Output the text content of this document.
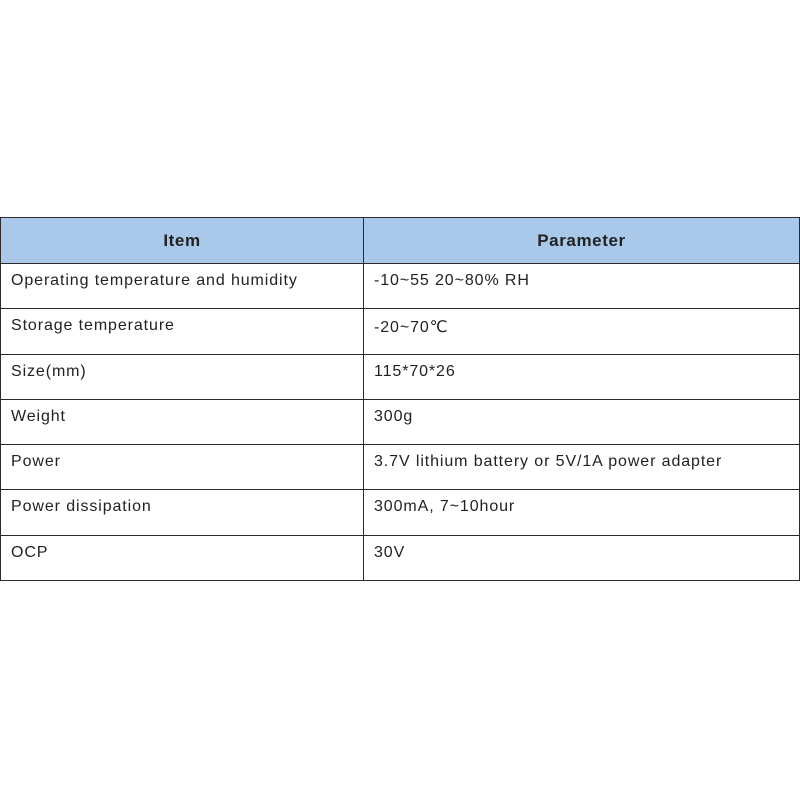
Item	Parameter
Operating temperature and humidity	-10~55 20~80% RH
Storage temperature	-20~70℃
Size(mm)	115*70*26
Weight	300g
Power	3.7V lithium battery or 5V/1A power adapter
Power dissipation	300mA, 7~10hour
OCP	30V
